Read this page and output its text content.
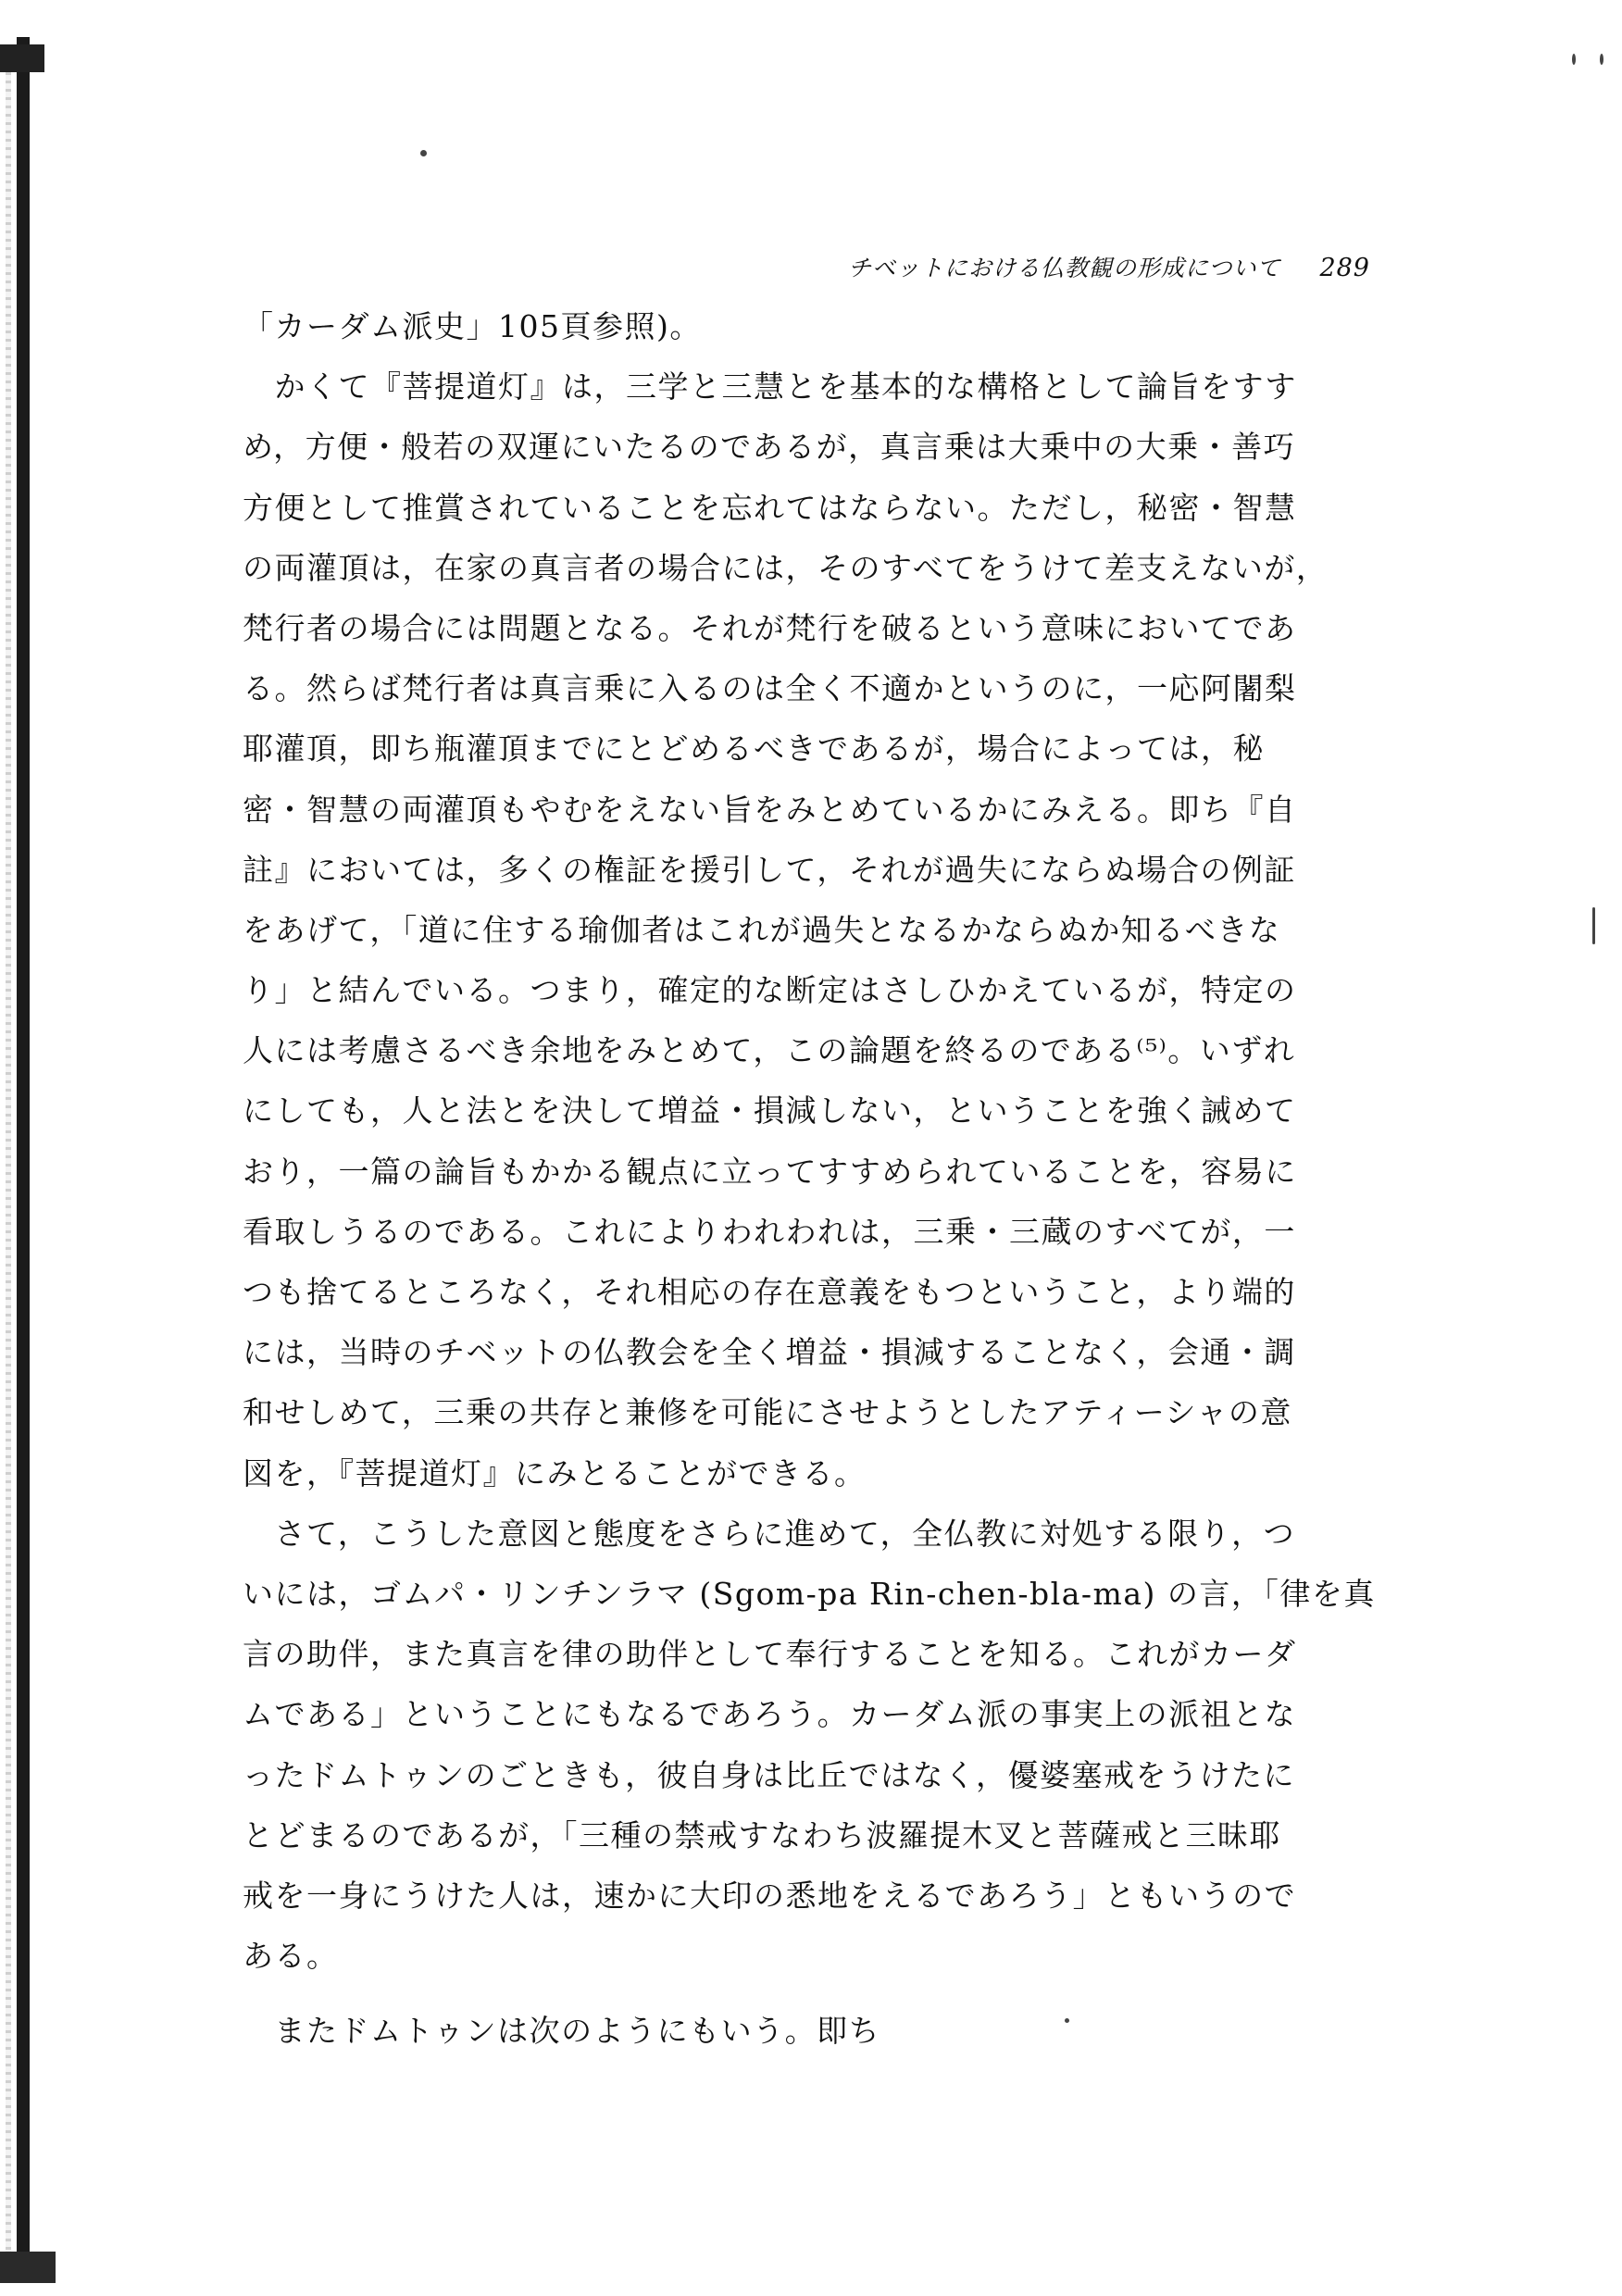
チベットにおける仏教観の形成について 289
「カーダム派史」105頁参照)。
　かくて『菩提道灯』は，三学と三慧とを基本的な構格として論旨をすす
め，方便・般若の双運にいたるのであるが，真言乗は大乗中の大乗・善巧
方便として推賞されていることを忘れてはならない。ただし，秘密・智慧
の両灌頂は，在家の真言者の場合には，そのすべてをうけて差支えないが，
梵行者の場合には問題となる。それが梵行を破るという意味においてであ
る。然らば梵行者は真言乗に入るのは全く不適かというのに，一応阿闍梨
耶灌頂，即ち瓶灌頂までにとどめるべきであるが，場合によっては，秘
密・智慧の両灌頂もやむをえない旨をみとめているかにみえる。即ち『自
註』においては，多くの権証を援引して，それが過失にならぬ場合の例証
をあげて，「道に住する瑜伽者はこれが過失となるかならぬか知るべきな
り」と結んでいる。つまり，確定的な断定はさしひかえているが，特定の
人には考慮さるべき余地をみとめて，この論題を終るのである⁽⁵⁾。いずれ
にしても，人と法とを決して増益・損減しない，ということを強く誡めて
おり，一篇の論旨もかかる観点に立ってすすめられていることを，容易に
看取しうるのである。これによりわれわれは，三乗・三蔵のすべてが，一
つも捨てるところなく，それ相応の存在意義をもつということ，より端的
には，当時のチベットの仏教会を全く増益・損減することなく，会通・調
和せしめて，三乗の共存と兼修を可能にさせようとしたアティーシャの意
図を，『菩提道灯』にみとることができる。
　さて，こうした意図と態度をさらに進めて，全仏教に対処する限り，つ
いには，ゴムパ・リンチンラマ (Sgom-pa Rin-chen-bla-ma) の言，「律を真
言の助伴，また真言を律の助伴として奉行することを知る。これがカーダ
ムである」ということにもなるであろう。カーダム派の事実上の派祖とな
ったドムトゥンのごときも，彼自身は比丘ではなく，優婆塞戒をうけたに
とどまるのであるが，「三種の禁戒すなわち波羅提木叉と菩薩戒と三昧耶
戒を一身にうけた人は，速かに大印の悉地をえるであろう」ともいうので
ある。
　またドムトゥンは次のようにもいう。即ち
